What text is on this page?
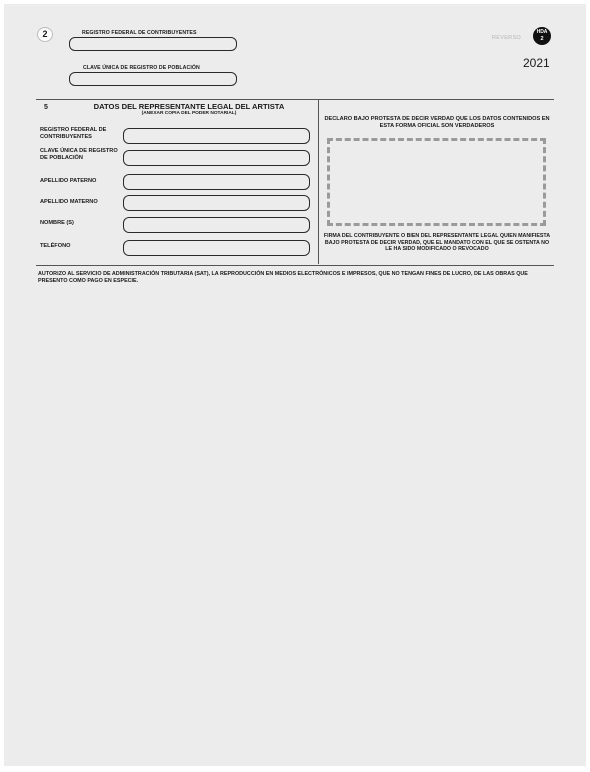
2	REGISTRO FEDERAL DE CONTRIBUYENTES
CLAVE ÚNICA DE REGISTRO DE POBLACIÓN
REVERSO
HDA
2
2021
5	DATOS DEL REPRESENTANTE LEGAL DEL ARTISTA
(ANEXAR COPIA DEL PODER NOTARIAL)
REGISTRO FEDERAL DE CONTRIBUYENTES
CLAVE ÚNICA DE REGISTRO DE POBLACIÓN
APELLIDO PATERNO
APELLIDO MATERNO
NOMBRE (S)
TELÉFONO
DECLARO BAJO PROTESTA DE DECIR VERDAD QUE LOS DATOS CONTENIDOS EN ESTA FORMA OFICIAL SON VERDADEROS
FIRMA DEL CONTRIBUYENTE O BIEN DEL REPRESENTANTE LEGAL QUIEN MANIFIESTA BAJO PROTESTA DE DECIR VERDAD, QUE EL MANDATO CON EL QUE SE OSTENTA NO LE HA SIDO MODIFICADO O REVOCADO
AUTORIZO AL SERVICIO DE ADMINISTRACIÓN TRIBUTARIA (SAT), LA REPRODUCCIÓN EN MEDIOS ELECTRÓNICOS E IMPRESOS, QUE NO TENGAN FINES DE LUCRO, DE LAS OBRAS QUE PRESENTO COMO PAGO EN ESPECIE.
